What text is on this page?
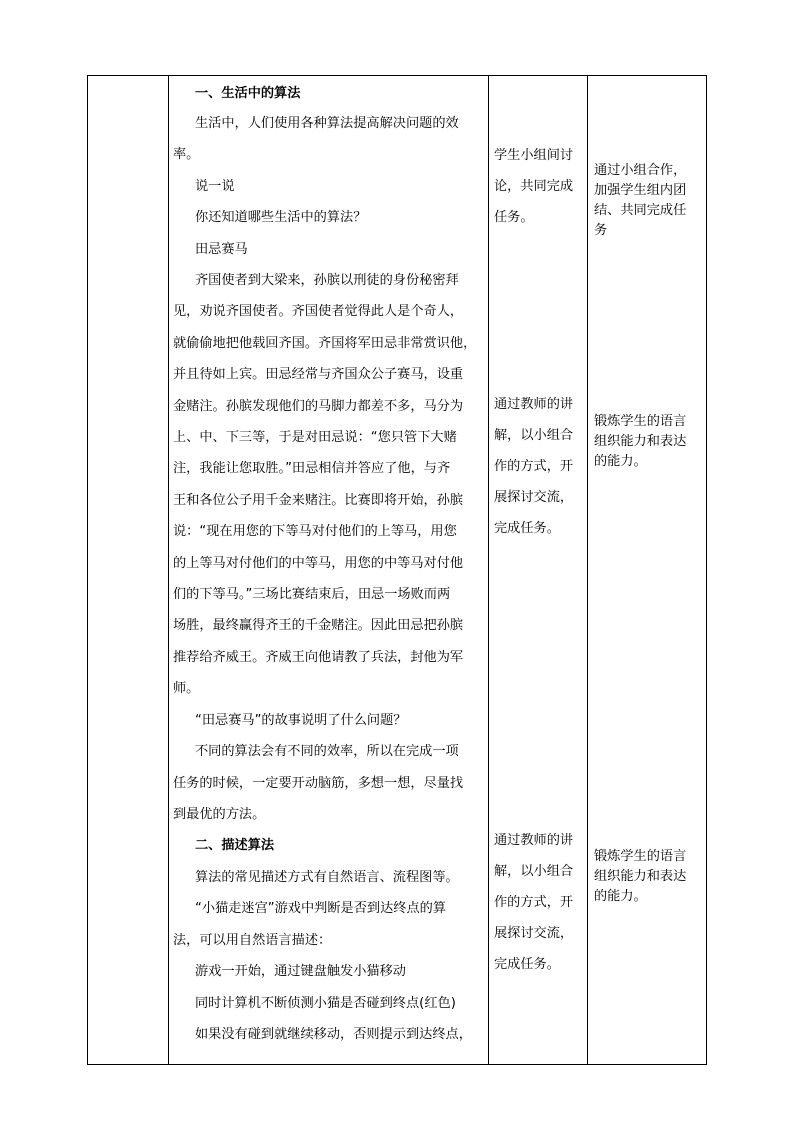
一、生活中的算法
生活中，人们使用各种算法提高解决问题的效
率。
说一说
你还知道哪些生活中的算法？
田忌赛马
齐国使者到大梁来，孙膑以刑徒的身份秘密拜
见，劝说齐国使者。齐国使者觉得此人是个奇人，
就偷偷地把他载回齐国。齐国将军田忌非常赏识他，
并且待如上宾。田忌经常与齐国众公子赛马，设重
金赌注。孙膑发现他们的马脚力都差不多，马分为
上、中、下三等，于是对田忌说：“您只管下大赌
注，我能让您取胜。”田忌相信并答应了他，与齐
王和各位公子用千金来赌注。比赛即将开始，孙膑
说：“现在用您的下等马对付他们的上等马，用您
的上等马对付他们的中等马，用您的中等马对付他
们的下等马。”三场比赛结束后，田忌一场败而两
场胜，最终赢得齐王的千金赌注。因此田忌把孙膑
推荐给齐威王。齐威王向他请教了兵法，封他为军
师。
“田忌赛马”的故事说明了什么问题？
不同的算法会有不同的效率，所以在完成一项
任务的时候，一定要开动脑筋，多想一想，尽量找
到最优的方法。
二、描述算法
算法的常见描述方式有自然语言、流程图等。
“小猫走迷宫”游戏中判断是否到达终点的算
法，可以用自然语言描述：
游戏一开始，通过键盘触发小猫移动
同时计算机不断侦测小猫是否碰到终点(红色)
如果没有碰到就继续移动，否则提示到达终点，
学生小组间讨
论，共同完成
任务。
通过教师的讲
解，以小组合
作的方式，开
展探讨交流，
完成任务。
通过教师的讲
解，以小组合
作的方式，开
展探讨交流，
完成任务。
通过小组合作，
加强学生组内团
结、共同完成任
务
锻炼学生的语言
组织能力和表达
的能力。
锻炼学生的语言
组织能力和表达
的能力。
